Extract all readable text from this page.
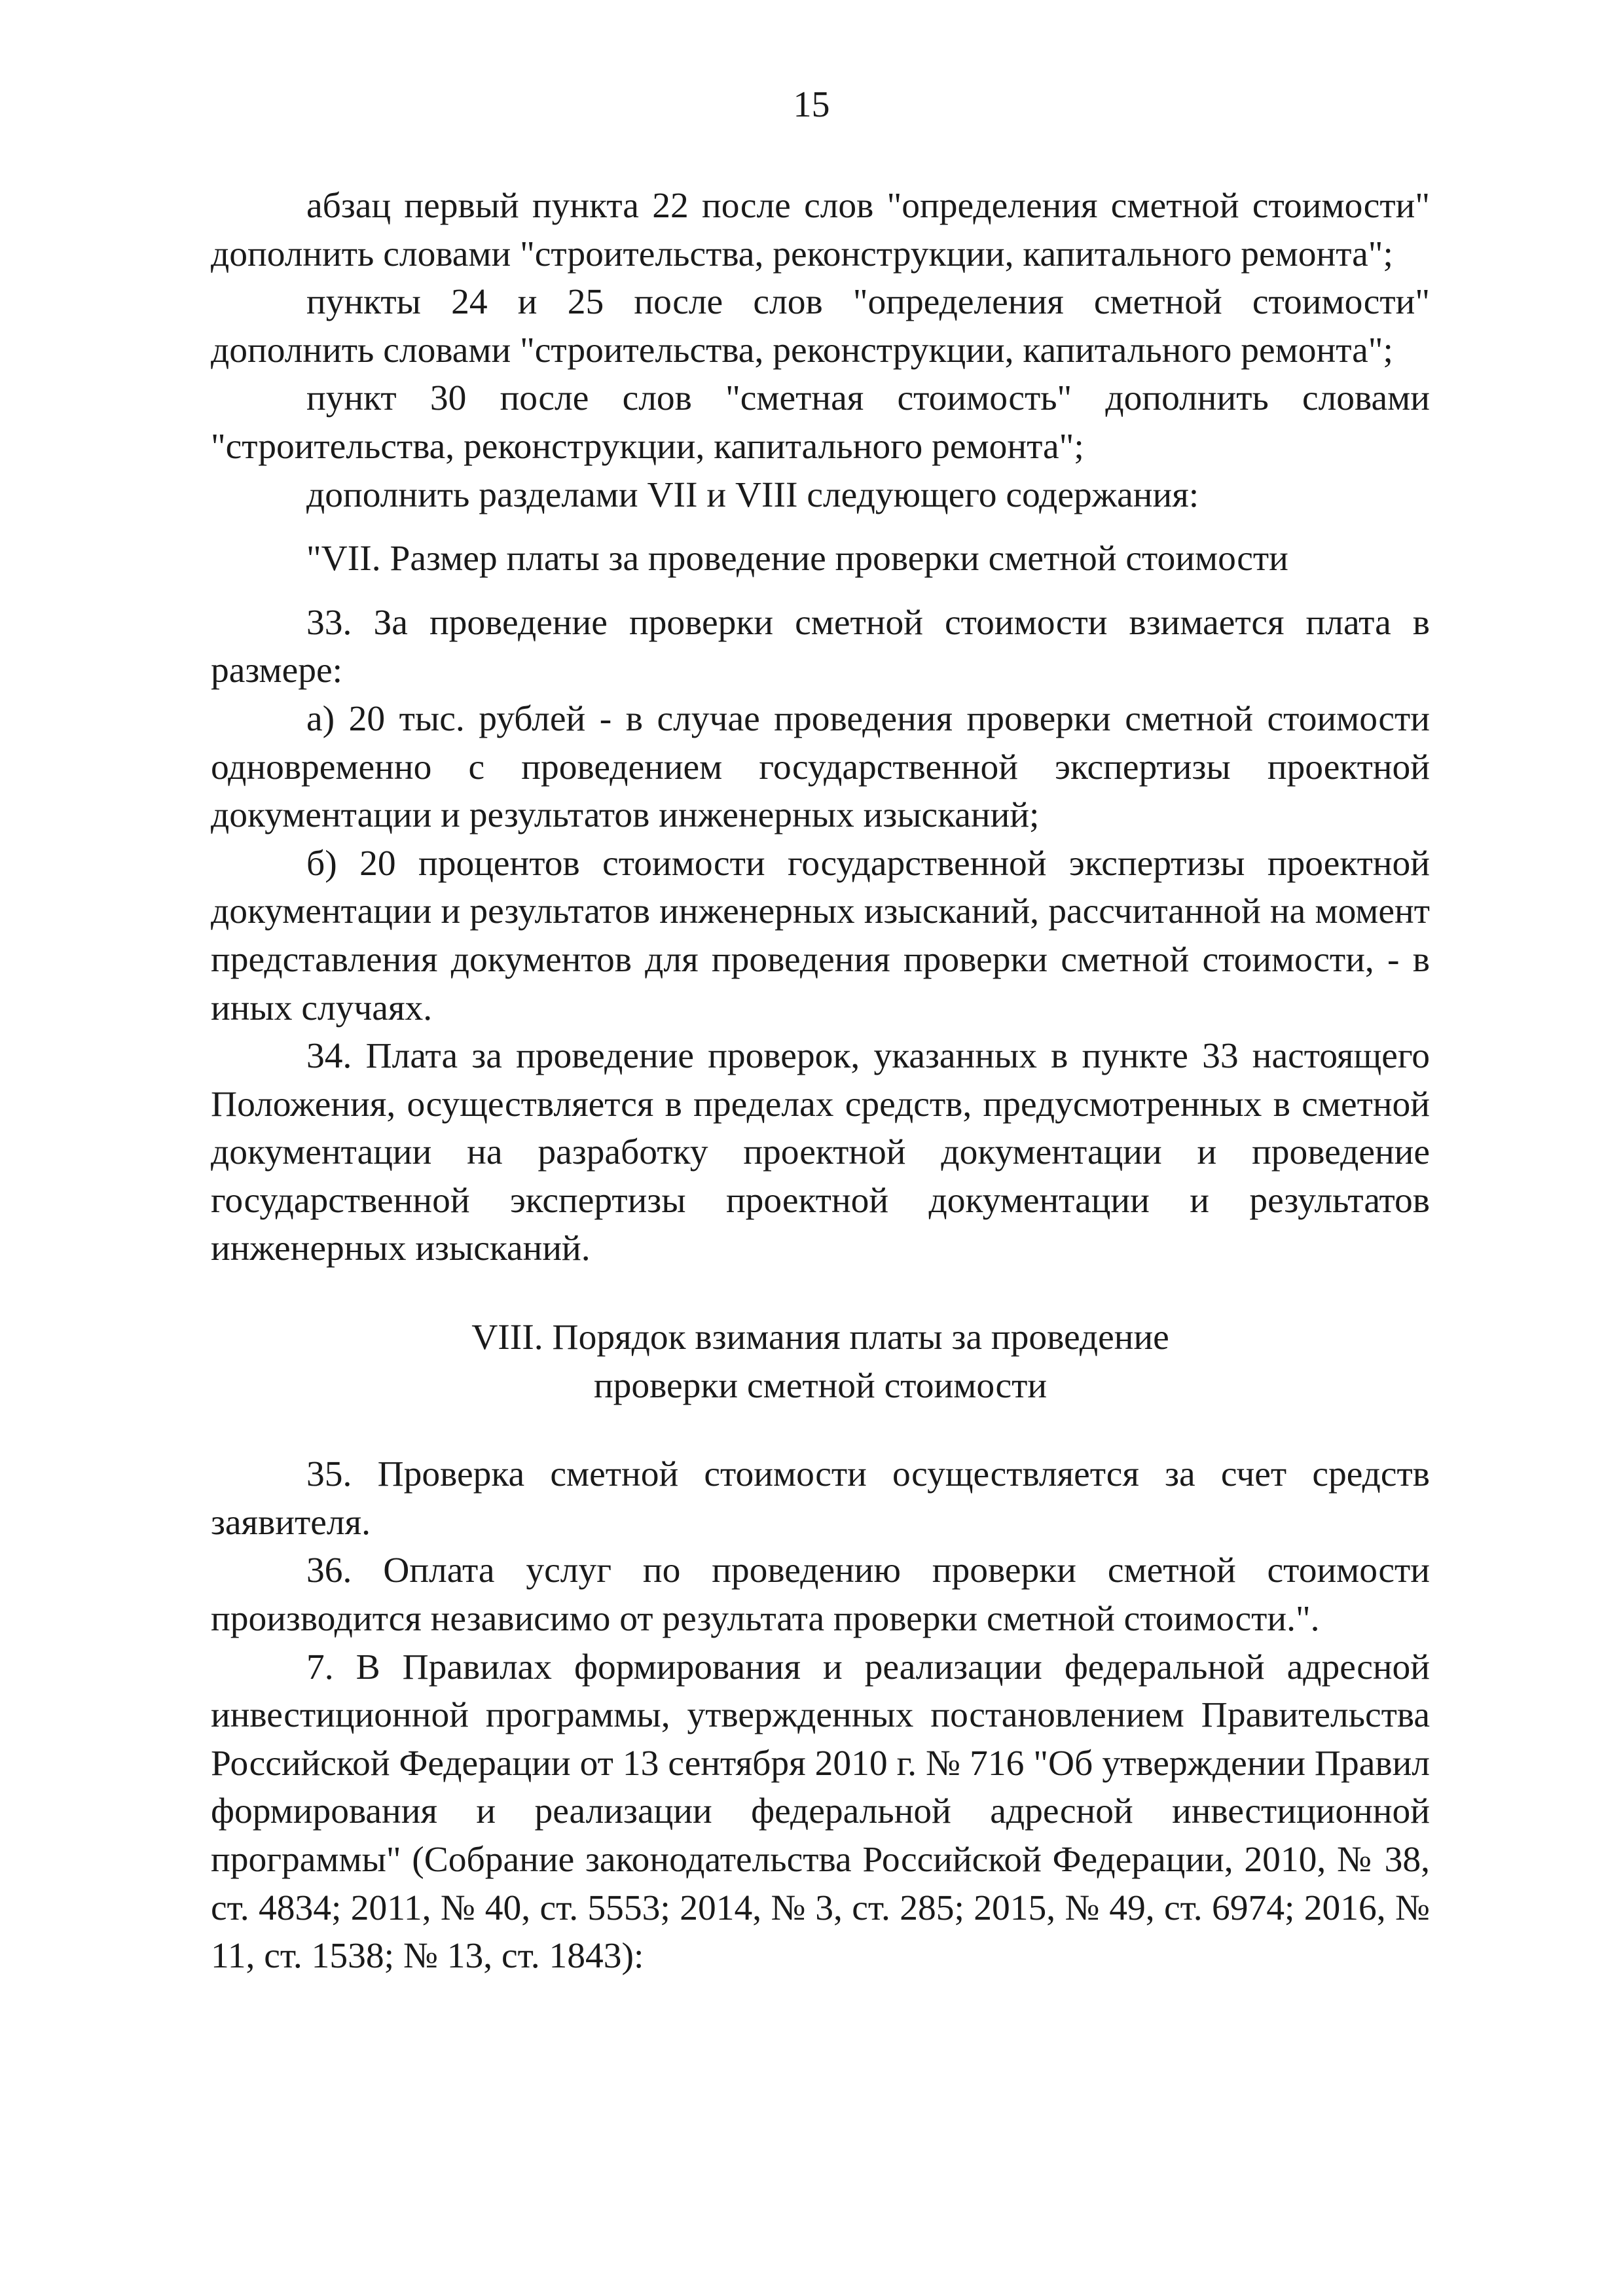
15

абзац первый пункта 22 после слов "определения сметной стоимости" дополнить словами "строительства, реконструкции, капитального ремонта";

пункты 24 и 25 после слов "определения сметной стоимости" дополнить словами "строительства, реконструкции, капитального ремонта";

пункт 30 после слов "сметная стоимость" дополнить словами "строительства, реконструкции, капитального ремонта";

дополнить разделами VII и VIII следующего содержания:

"VII. Размер платы за проведение проверки сметной стоимости

33. За проведение проверки сметной стоимости взимается плата в размере:

а) 20 тыс. рублей - в случае проведения проверки сметной стоимости одновременно с проведением государственной экспертизы проектной документации и результатов инженерных изысканий;

б) 20 процентов стоимости государственной экспертизы проектной документации и результатов инженерных изысканий, рассчитанной на момент представления документов для проведения проверки сметной стоимости, - в иных случаях.

34. Плата за проведение проверок, указанных в пункте 33 настоящего Положения, осуществляется в пределах средств, предусмотренных в сметной документации на разработку проектной документации и проведение государственной экспертизы проектной документации и результатов инженерных изысканий.

VIII. Порядок взимания платы за проведение

проверки сметной стоимости

35. Проверка сметной стоимости осуществляется за счет средств заявителя.

36. Оплата услуг по проведению проверки сметной стоимости производится независимо от результата проверки сметной стоимости.".

7. В Правилах формирования и реализации федеральной адресной инвестиционной программы, утвержденных постановлением Правительства Российской Федерации от 13 сентября 2010 г. № 716 "Об утверждении Правил формирования и реализации федеральной адресной инвестиционной программы" (Собрание законодательства Российской Федерации, 2010, № 38, ст. 4834; 2011, № 40, ст. 5553; 2014, № 3, ст. 285; 2015, № 49, ст. 6974; 2016, № 11, ст. 1538; № 13, ст. 1843):
